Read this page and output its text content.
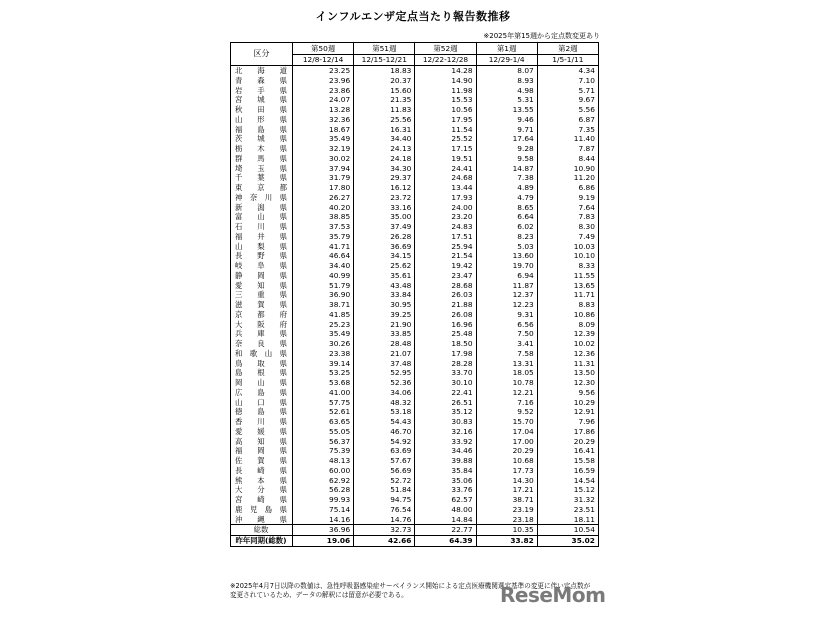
インフルエンザ定点当たり報告数推移
※2025年第15週から定点数変更あり
区分	第50週	第51週	第52週	第1週	第2週
	12/8-12/14	12/15-12/21	12/22-12/28	12/29-1/4	1/5-1/11
北海道	23.25	18.83	14.28	8.07	4.34
青森県	23.96	20.37	14.90	8.93	7.10
岩手県	23.86	15.60	11.98	4.98	5.71
宮城県	24.07	21.35	15.53	5.31	9.67
秋田県	13.28	11.83	10.56	13.55	5.56
山形県	32.36	25.56	17.95	9.46	6.87
福島県	18.67	16.31	11.54	9.71	7.35
茨城県	35.49	34.40	25.52	17.64	11.40
栃木県	32.19	24.13	17.15	9.28	7.87
群馬県	30.02	24.18	19.51	9.58	8.44
埼玉県	37.94	34.30	24.41	14.87	10.90
千葉県	31.79	29.37	24.68	7.38	11.20
東京都	17.80	16.12	13.44	4.89	6.86
神奈川県	26.27	23.72	17.93	4.79	9.19
新潟県	40.20	33.16	24.00	8.65	7.64
富山県	38.85	35.00	23.20	6.64	7.83
石川県	37.53	37.49	24.83	6.02	8.30
福井県	35.79	26.28	17.51	8.23	7.49
山梨県	41.71	36.69	25.94	5.03	10.03
長野県	46.64	34.15	21.54	13.60	10.10
岐阜県	34.40	25.62	19.42	19.70	8.33
静岡県	40.99	35.61	23.47	6.94	11.55
愛知県	51.79	43.48	28.68	11.87	13.65
三重県	36.90	33.84	26.03	12.37	11.71
滋賀県	38.71	30.95	21.88	12.23	8.83
京都府	41.85	39.25	26.08	9.31	10.86
大阪府	25.23	21.90	16.96	6.56	8.09
兵庫県	35.49	33.85	25.48	7.50	12.39
奈良県	30.26	28.48	18.50	3.41	10.02
和歌山県	23.38	21.07	17.98	7.58	12.36
鳥取県	39.14	37.48	28.28	13.31	11.31
島根県	53.25	52.95	33.70	18.05	13.50
岡山県	53.68	52.36	30.10	10.78	12.30
広島県	41.00	34.06	22.41	12.21	9.56
山口県	57.75	48.32	26.51	7.16	10.29
徳島県	52.61	53.18	35.12	9.52	12.91
香川県	63.65	54.43	30.83	15.70	7.96
愛媛県	55.05	46.70	32.16	17.04	17.86
高知県	56.37	54.92	33.92	17.00	20.29
福岡県	75.39	63.69	34.46	20.29	16.41
佐賀県	48.13	57.67	39.88	10.68	15.58
長崎県	60.00	56.69	35.84	17.73	16.59
熊本県	62.92	52.72	35.06	14.30	14.54
大分県	56.28	51.84	33.76	17.21	15.12
宮崎県	99.93	94.75	62.57	38.71	31.32
鹿児島県	75.14	76.54	48.00	23.19	23.51
沖縄県	14.16	14.76	14.84	23.18	18.11
総数	36.96	32.73	22.77	10.35	10.54
昨年同期(総数)	19.06	42.66	64.39	33.82	35.02
※2025年4月7日以降の数値は、急性呼吸器感染症サーベイランス開始による定点医療機関選定基準の変更に伴い定点数が
変更されているため、データの解釈には留意が必要である。	ReseMom
